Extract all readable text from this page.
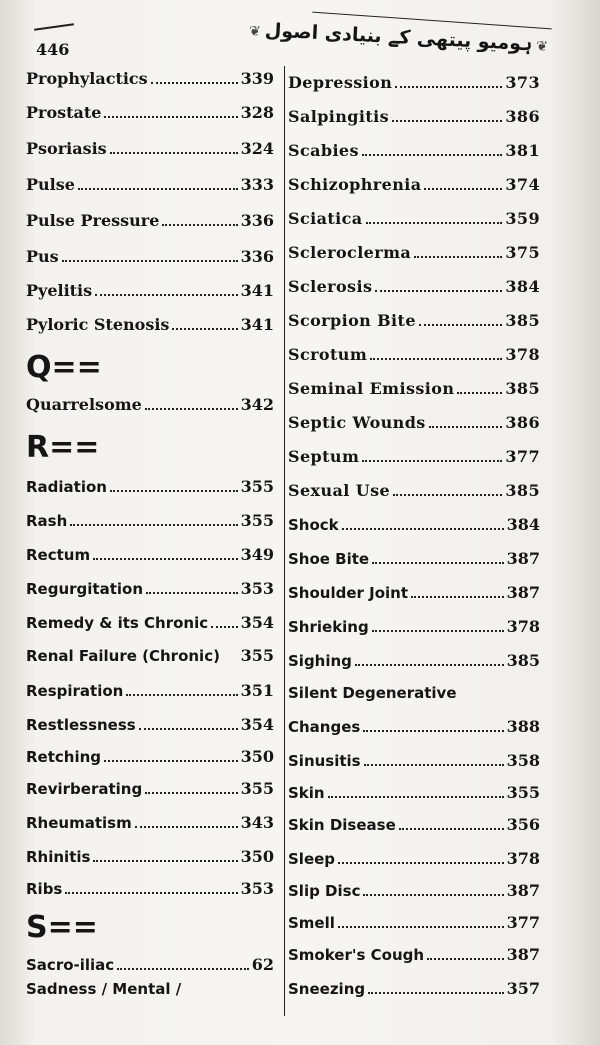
446	❦ہومیو پیتھی کے بنیادی اصول❦
Prophylactics	339
Prostate	328
Psoriasis	324
Pulse	333
Pulse Pressure	336
Pus	336
Pyelitis	341
Pyloric Stenosis	341
Q==
Quarrelsome	342
R==
Radiation	355
Rash	355
Rectum	349
Regurgitation	353
Remedy & its Chronic 354
Renal Failure (Chronic) 355
Respiration	351
Restlessness	354
Retching	350
Revirberating	355
Rheumatism	343
Rhinitis	350
Ribs	353
S==
Sacro-iliac	62
Sadness / Mental /
Depression	373
Salpingitis	386
Scabies	381
Schizophrenia	374
Sciatica	359
Scleroclerma	375
Sclerosis	384
Scorpion Bite	385
Scrotum	378
Seminal Emission	385
Septic Wounds	386
Septum	377
Sexual Use	385
Shock	384
Shoe Bite	387
Shoulder Joint	387
Shrieking	378
Sighing	385
Silent Degenerative
Changes	388
Sinusitis	358
Skin	355
Skin Disease	356
Sleep	378
Slip Disc	387
Smell	377
Smoker's Cough	387
Sneezing	357
